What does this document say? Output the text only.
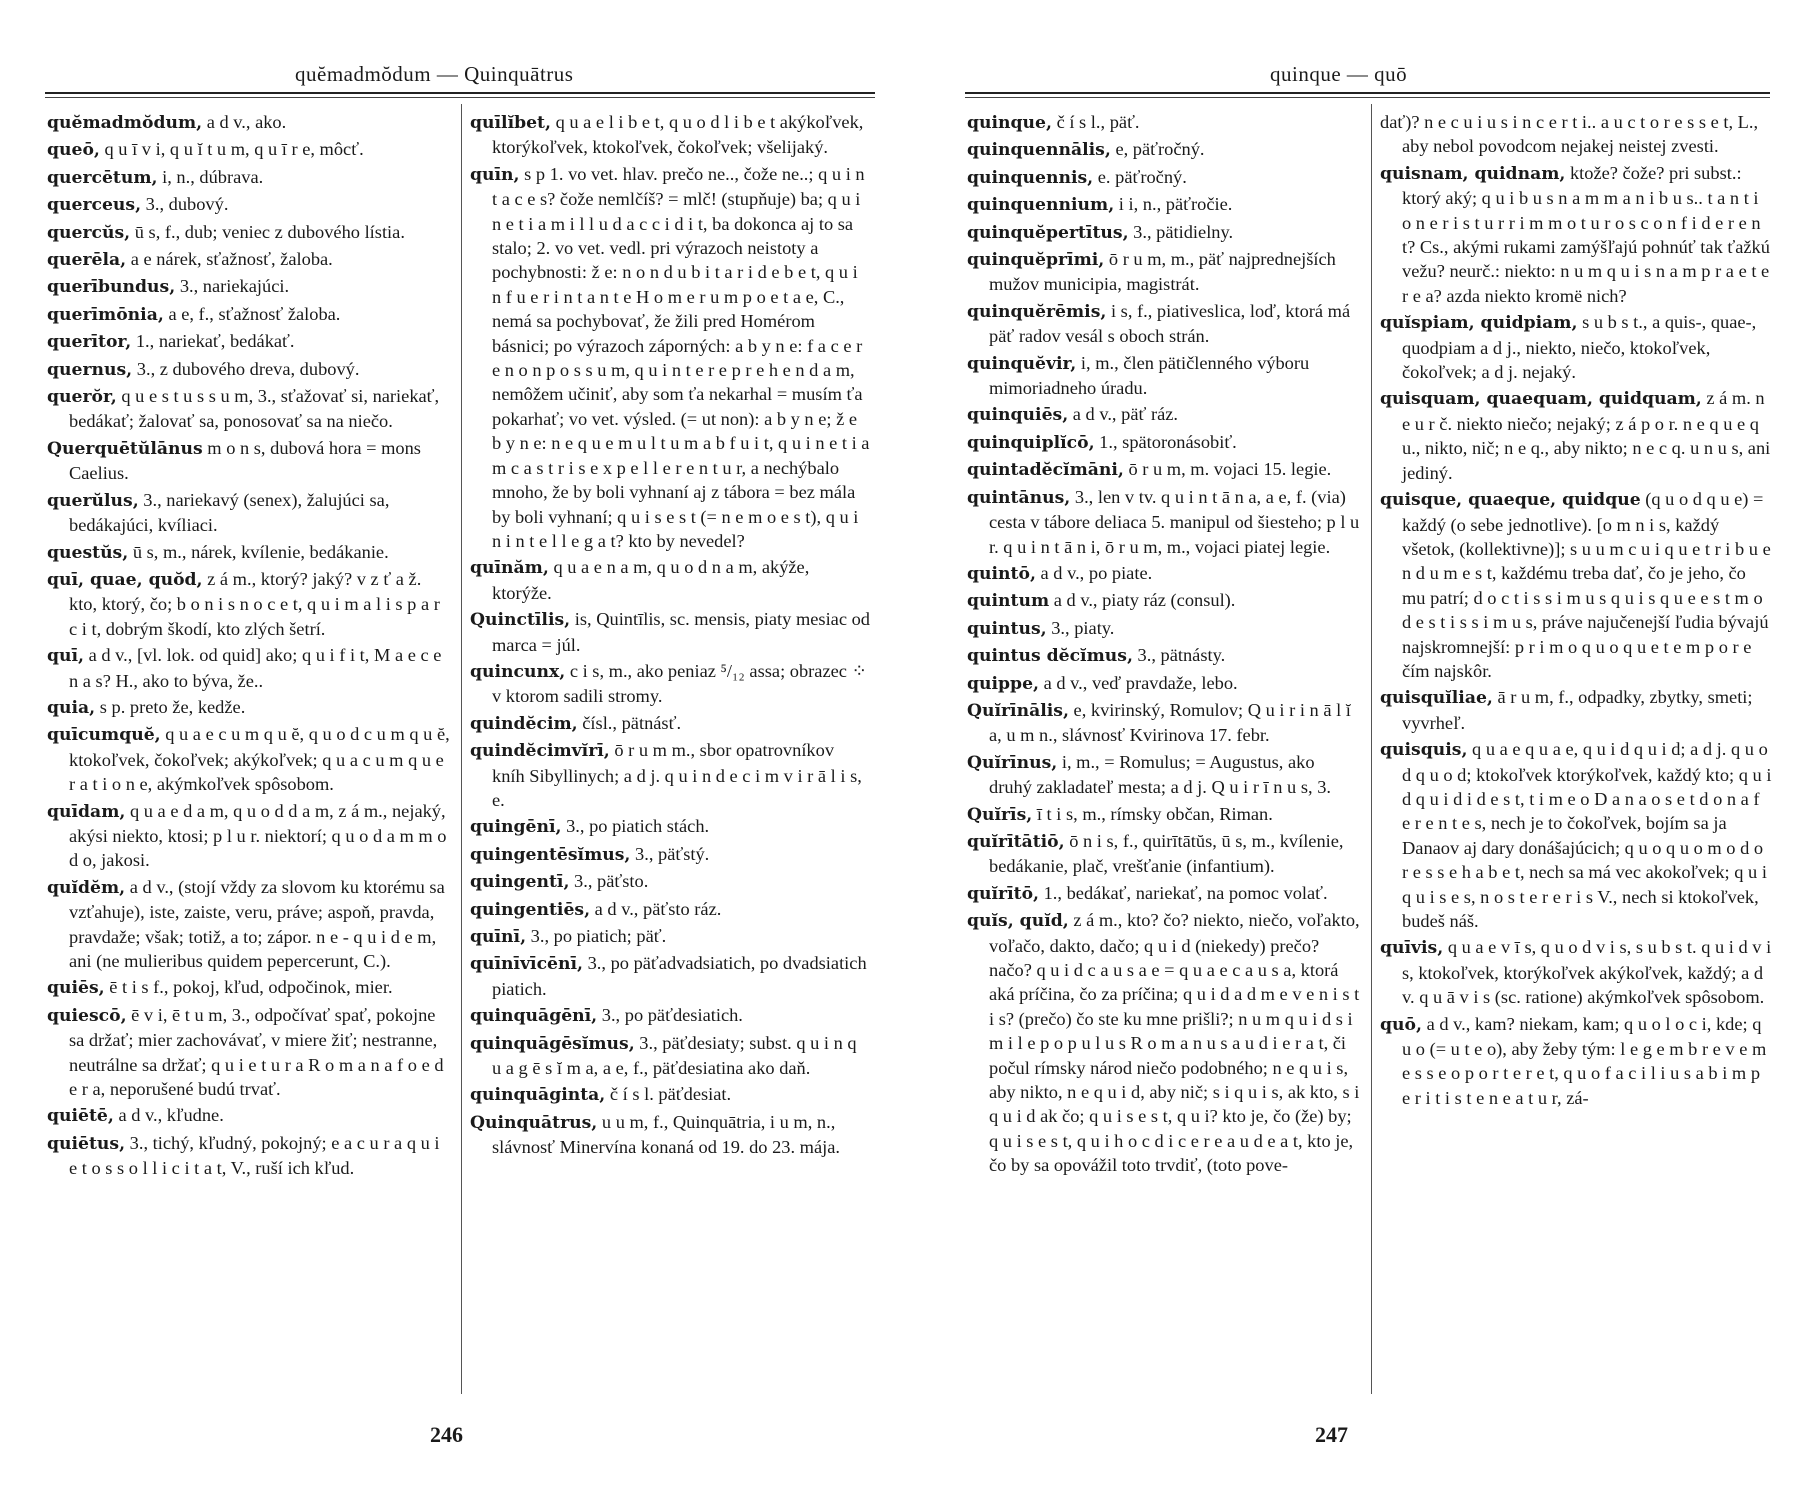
quĕmadmŏdum — Quinquātrus
quĕmadmŏdum, a d v., ako.
queō, q u ī v i, q u ĭ t u m, q u ī r e, môcť.
quercētum, i, n., dúbrava.
querceus, 3., dubový.
quercŭs, ū s, f., dub; veniec z dubového lístia.
querēla, a e nárek, sťažnosť, žaloba.
querībundus, 3., nariekajúci.
querīmōnia, a e, f., sťažnosť žaloba.
querītor, 1., nariekať, bedákať.
quernus, 3., z dubového dreva, dubový.
querŏr, q u e s t u s s u m, 3., sťažovať si, nariekať, bedákať; žalovať sa, ponosovať sa na niečo.
Querquētŭlānus m o n s, dubová hora = mons Caelius.
querŭlus, 3., nariekavý (senex), žalujúci sa, bedákajúci, kvíliaci.
questŭs, ū s, m., nárek, kvílenie, bedákanie.
quī, quae, quŏd, z á m., ktorý? jaký? v z ť a ž. kto, ktorý, čo; b o n i s n o c e t, q u i m a l i s p a r c i t, dobrým škodí, kto zlých šetrí.
quī, a d v., [vl. lok. od quid] ako; q u i f i t, M a e c e n a s? H., ako to býva, že..
quia, s p. preto že, kedže.
quīcumquĕ, q u a e c u m q u ĕ, q u o d c u m q u ĕ, ktokoľvek, čokoľvek; akýkoľvek; q u a c u m q u e r a t i o n e, akýmkoľvek spôsobom.
quīdam, q u a e d a m, q u o d d a m, z á m., nejaký, akýsi niekto, ktosi; p l u r. niektorí; q u o d a m m o d o, jakosi.
quĭdĕm, a d v., (stojí vždy za slovom ku ktorému sa vzťahuje), iste, zaiste, veru, práve; aspoň, pravda, pravdaže; však; totiž, a to; zápor. n e - q u i d e m, ani (ne mulieribus quidem pepercerunt, C.).
quiēs, ē t i s f., pokoj, kľud, odpočinok, mier.
quiescō, ē v i, ē t u m, 3., odpočívať spať, pokojne sa držať; mier zachovávať, v miere žiť; nestranne, neutrálne sa držať; q u i e t u r a R o m a n a f o e d e r a, neporušené budú trvať.
quiētē, a d v., kľudne.
quiētus, 3., tichý, kľudný, pokojný; e a c u r a q u i e t o s s o l l i c i t a t, V., ruší ich kľud.
quīlĭbet, q u a e l i b e t, q u o d l i b e t akýkoľvek, ktorýkoľvek, ktokoľvek, čokoľvek; všelijaký.
quīn, s p 1. vo vet. hlav. prečo ne.., čože ne..; q u i n t a c e s? čože nemlčíš? = mlč! (stupňuje) ba; q u i n e t i a m i l l u d a c c i d i t, ba dokonca aj to sa stalo; 2. vo vet. vedl. pri výrazoch neistoty a pochybnosti: ž e: n o n d u b i t a r i d e b e t, q u i n f u e r i n t a n t e H o m e r u m p o e t a e, C., nemá sa pochybovať, že žili pred Homérom básnici; po výrazoch záporných: a b y n e: f a c e r e n o n p o s s u m, q u i n t e r e p r e h e n d a m, nemôžem učiniť, aby som ťa nekarhal = musím ťa pokarhať; vo vet. výsled. (= ut non): a b y n e; ž e b y n e: n e q u e m u l t u m a b f u i t, q u i n e t i a m c a s t r i s e x p e l l e r e n t u r, a nechýbalo mnoho, že by boli vyhnaní aj z tábora = bez mála by boli vyhnaní; q u i s e s t (= n e m o e s t), q u i n i n t e l l e g a t? kto by nevedel?
quīnăm, q u a e n a m, q u o d n a m, akýže, ktorýže.
Quinctīlis, is, Quintīlis, sc. mensis, piaty mesiac od marca = júl.
quincunx, c i s, m., ako peniaz ⁵/₁₂ assa; obrazec ⁘ v ktorom sadili stromy.
quindĕcim, čísl., pätnásť.
quindĕcimvĭrī, ō r u m m., sbor opatrovníkov kníh Sibyllinych; a d j. q u i n d e c i m v i r ā l i s, e.
quingēnī, 3., po piatich stách.
quingentēsĭmus, 3., päťstý.
quingentī, 3., päťsto.
quingentiēs, a d v., päťsto ráz.
quīnī, 3., po piatich; päť.
quīnīvīcēnī, 3., po päťadvadsiatich, po dvadsiatich piatich.
quinquāgēnī, 3., po päťdesiatich.
quinquāgēsĭmus, 3., päťdesiaty; subst. q u i n q u a g ē s ĭ m a, a e, f., päťdesiatina ako daň.
quinquāginta, č í s l. päťdesiat.
Quinquātrus, u u m, f., Quinquātria, i u m, n., slávnosť Minervína konaná od 19. do 23. mája.
246
quinque — quō
quinque, č í s l., päť.
quinquennālis, e, päťročný.
quinquennis, e. päťročný.
quinquennium, i i, n., päťročie.
quinquĕpertītus, 3., pätidielny.
quinquĕprīmi, ō r u m, m., päť najprednejších mužov municipia, magistrát.
quinquĕrēmis, i s, f., piativeslica, loď, ktorá má päť radov vesál s oboch strán.
quinquĕvir, i, m., člen pätičlenného výboru mimoriadneho úradu.
quinquiēs, a d v., päť ráz.
quinquiplĭcō, 1., spätoronásobiť.
quintadĕcĭmāni, ō r u m, m. vojaci 15. legie.
quintānus, 3., len v tv. q u i n t ā n a, a e, f. (via) cesta v tábore deliaca 5. manipul od šiesteho; p l u r. q u i n t ā n i, ō r u m, m., vojaci piatej legie.
quintō, a d v., po piate.
quintum a d v., piaty ráz (consul).
quintus, 3., piaty.
quintus dĕcĭmus, 3., pätnásty.
quippe, a d v., veď pravdaže, lebo.
Quĭrīnālis, e, kvirinský, Romulov; Q u i r i n ā l ĭ a, u m n., slávnosť Kvirinova 17. febr.
Quĭrīnus, i, m., = Romulus; = Augustus, ako druhý zakladateľ mesta; a d j. Q u i r ī n u s, 3.
Quĭrīs, ī t i s, m., rímsky občan, Riman.
quĭrītātiō, ō n i s, f., quirītātŭs, ū s, m., kvílenie, bedákanie, plač, vrešťanie (infantium).
quĭrītō, 1., bedákať, nariekať, na pomoc volať.
quĭs, quĭd, z á m., kto? čo? niekto, niečo, voľakto, voľačo, dakto, dačo; q u i d (niekedy) prečo? načo? q u i d c a u s a e = q u a e c a u s a, ktorá aká príčina, čo za príčina; q u i d a d m e v e n i s t i s? (prečo) čo ste ku mne prišli?; n u m q u i d s i m i l e p o p u l u s R o m a n u s a u d i e r a t, či počul rímsky národ niečo podobného; n e q u i s, aby nikto, n e q u i d, aby nič; s i q u i s, ak kto, s i q u i d ak čo; q u i s e s t, q u i? kto je, čo (že) by; q u i s e s t, q u i h o c d i c e r e a u d e a t, kto je, čo by sa opovážil toto trvdiť, (toto pove-
dať)? n e c u i u s i n c e r t i.. a u c t o r e s s e t, L., aby nebol povodcom nejakej neistej zvesti.
quisnam, quidnam, ktože? čože? pri subst.: ktorý aký; q u i b u s n a m m a n i b u s.. t a n t i o n e r i s t u r r i m m o t u r o s c o n f i d e r e n t? Cs., akými rukami zamýšľajú pohnúť tak ťažkú vežu? neurč.: niekto: n u m q u i s n a m p r a e t e r e a? azda niekto kromë nich?
quĭspiam, quidpiam, s u b s t., a quis-, quae-, quodpiam a d j., niekto, niečo, ktokoľvek, čokoľvek; a d j. nejaký.
quisquam, quaequam, quidquam, z á m. n e u r č. niekto niečo; nejaký; z á p o r. n e q u e q u., nikto, nič; n e q., aby nikto; n e c q. u n u s, ani jediný.
quisque, quaeque, quidque (q u o d q u e) = každý (o sebe jednotlive). [o m n i s, každý všetok, (kollektivne)]; s u u m c u i q u e t r i b u e n d u m e s t, každému treba dať, čo je jeho, čo mu patrí; d o c t i s s i m u s q u i s q u e e s t m o d e s t i s s i m u s, práve najučenejší ľudia bývajú najskromnejší: p r i m o q u o q u e t e m p o r e čím najskôr.
quisquĭliae, ā r u m, f., odpadky, zbytky, smeti; vyvrheľ.
quisquis, q u a e q u a e, q u i d q u i d; a d j. q u o d q u o d; ktokoľvek ktorýkoľvek, každý kto; q u i d q u i d i d e s t, t i m e o D a n a o s e t d o n a f e r e n t e s, nech je to čokoľvek, bojím sa ja Danaov aj dary donášajúcich; q u o q u o m o d o r e s s e h a b e t, nech sa má vec akokoľvek; q u i q u i s e s, n o s t e r e r i s V., nech si ktokoľvek, budeš náš.
quīvis, q u a e v ī s, q u o d v i s, s u b s t. q u i d v i s, ktokoľvek, ktorýkoľvek akýkoľvek, každý; a d v. q u ā v i s (sc. ratione) akýmkoľvek spôsobom.
quō, a d v., kam? niekam, kam; q u o l o c i, kde; q u o (= u t e o), aby žeby tým: l e g e m b r e v e m e s s e o p o r t e r e t, q u o f a c i l i u s a b i m p e r i t i s t e n e a t u r, zá-
247
